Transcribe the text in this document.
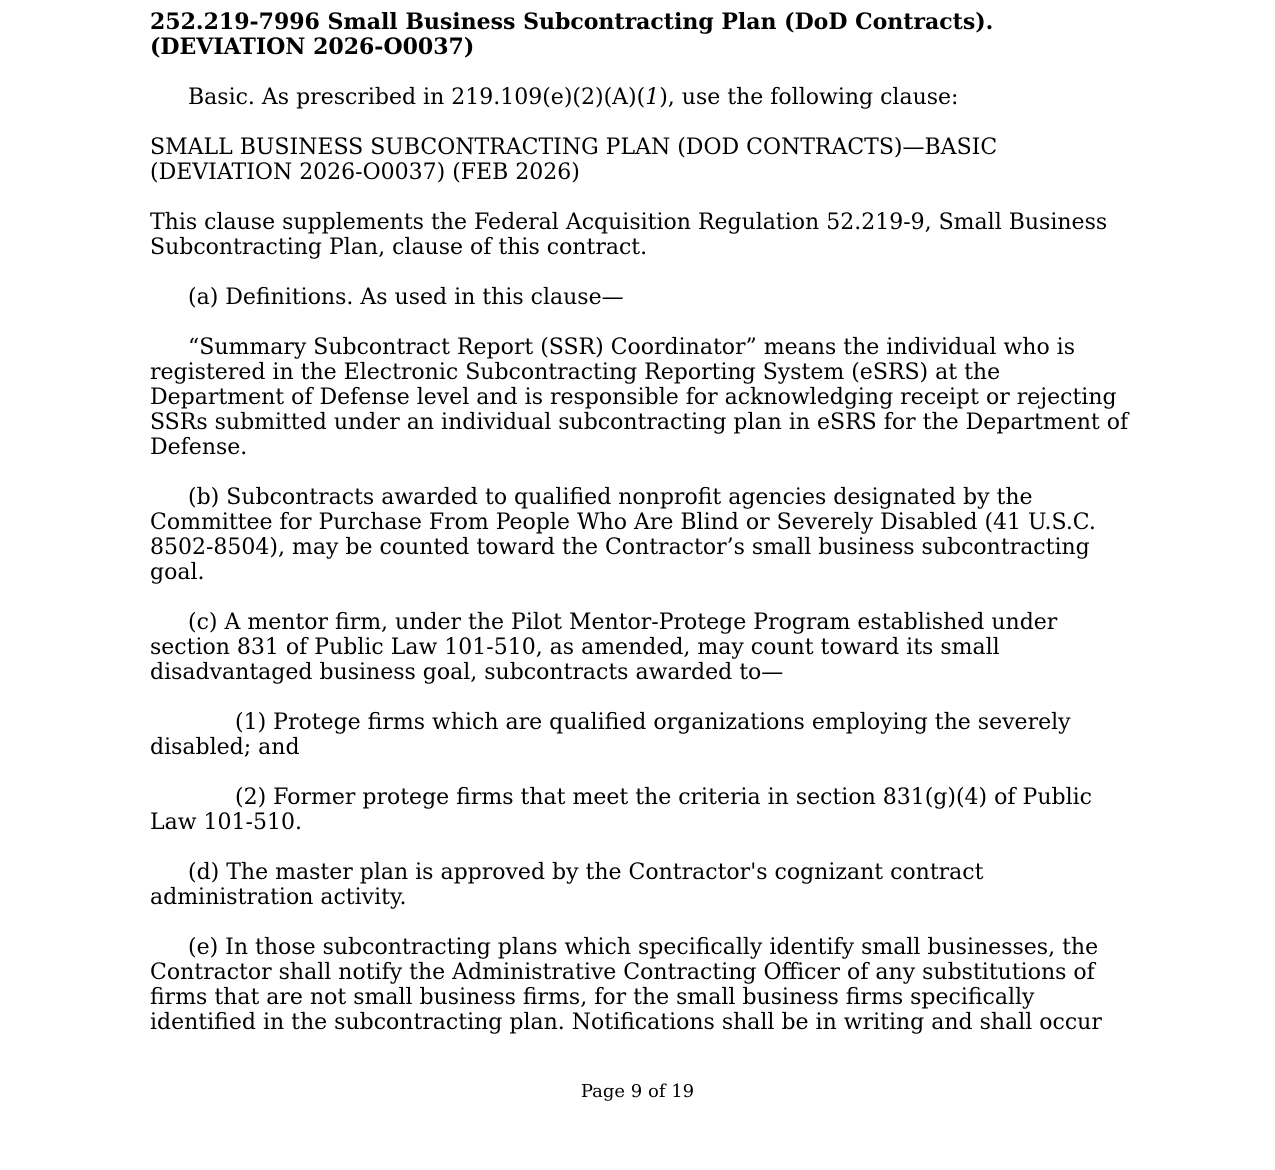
252.219-7996 Small Business Subcontracting Plan (DoD Contracts).
(DEVIATION 2026-O0037)

Basic. As prescribed in 219.109(e)(2)(A)(1), use the following clause:

SMALL BUSINESS SUBCONTRACTING PLAN (DOD CONTRACTS)—BASIC
(DEVIATION 2026-O0037) (FEB 2026)

This clause supplements the Federal Acquisition Regulation 52.219-9, Small Business Subcontracting Plan, clause of this contract.

(a) Definitions. As used in this clause—

“Summary Subcontract Report (SSR) Coordinator” means the individual who is registered in the Electronic Subcontracting Reporting System (eSRS) at the Department of Defense level and is responsible for acknowledging receipt or rejecting SSRs submitted under an individual subcontracting plan in eSRS for the Department of Defense.

(b) Subcontracts awarded to qualified nonprofit agencies designated by the Committee for Purchase From People Who Are Blind or Severely Disabled (41 U.S.C. 8502-8504), may be counted toward the Contractor’s small business subcontracting goal.

(c) A mentor firm, under the Pilot Mentor-Protege Program established under section 831 of Public Law 101-510, as amended, may count toward its small disadvantaged business goal, subcontracts awarded to—

(1) Protege firms which are qualified organizations employing the severely disabled; and

(2) Former protege firms that meet the criteria in section 831(g)(4) of Public Law 101-510.

(d) The master plan is approved by the Contractor's cognizant contract administration activity.

(e) In those subcontracting plans which specifically identify small businesses, the Contractor shall notify the Administrative Contracting Officer of any substitutions of firms that are not small business firms, for the small business firms specifically identified in the subcontracting plan. Notifications shall be in writing and shall occur

Page 9 of 19
